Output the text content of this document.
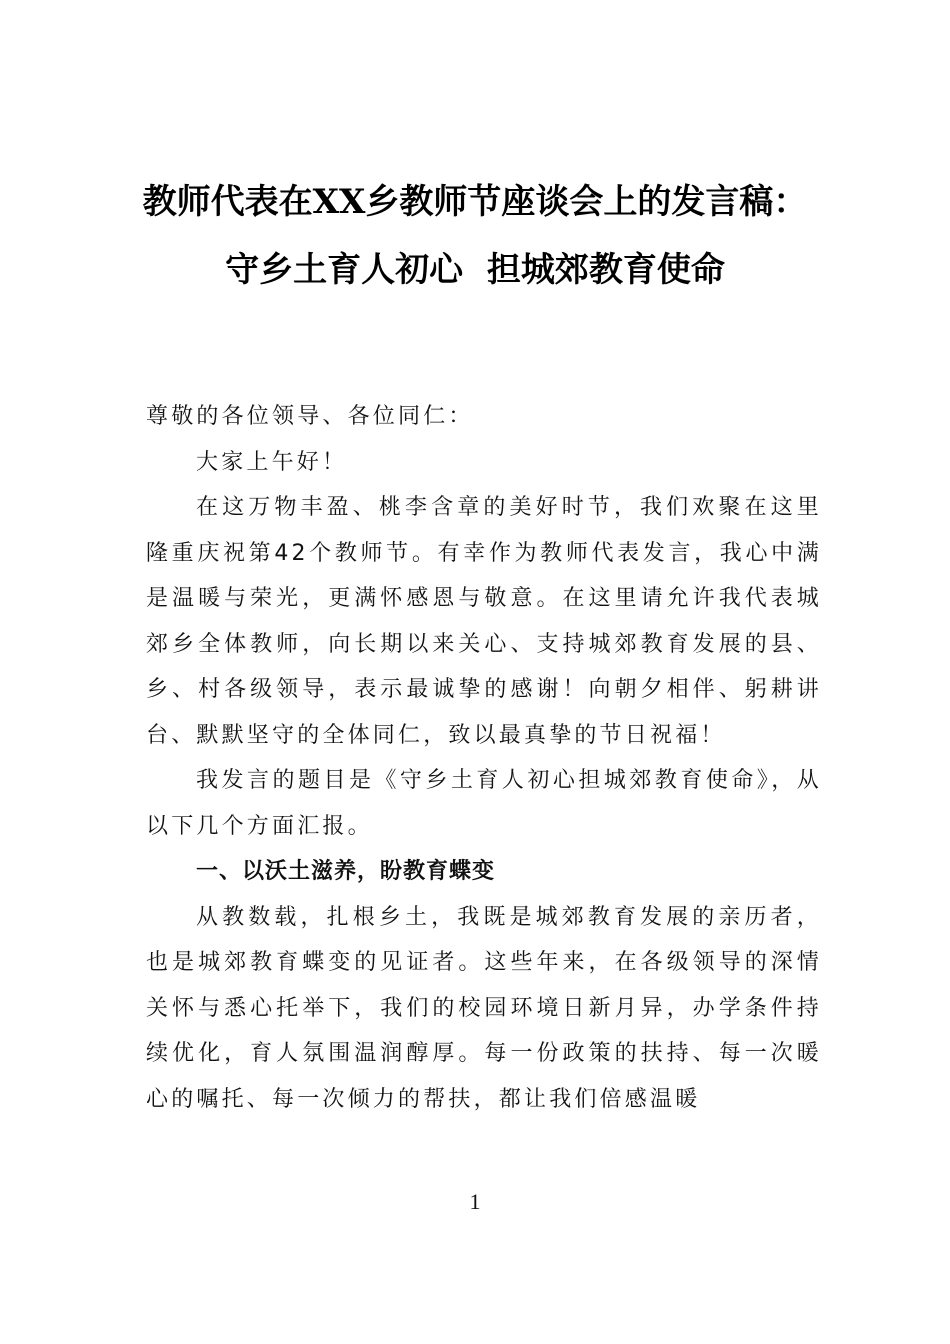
教师代表在XX乡教师节座谈会上的发言稿：
守乡土育人初心  担城郊教育使命

尊敬的各位领导、各位同仁：

大家上午好！

在这万物丰盈、桃李含章的美好时节，我们欢聚在这里隆重庆祝第42个教师节。有幸作为教师代表发言，我心中满是温暖与荣光，更满怀感恩与敬意。在这里请允许我代表城郊乡全体教师，向长期以来关心、支持城郊教育发展的县、乡、村各级领导，表示最诚挚的感谢！向朝夕相伴、躬耕讲台、默默坚守的全体同仁，致以最真挚的节日祝福！

我发言的题目是《守乡土育人初心担城郊教育使命》，从以下几个方面汇报。

一、以沃土滋养，盼教育蝶变

从教数载，扎根乡土，我既是城郊教育发展的亲历者，也是城郊教育蝶变的见证者。这些年来，在各级领导的深情关怀与悉心托举下，我们的校园环境日新月异，办学条件持续优化，育人氛围温润醇厚。每一份政策的扶持、每一次暖心的嘱托、每一次倾力的帮扶，都让我们倍感温暖

1
